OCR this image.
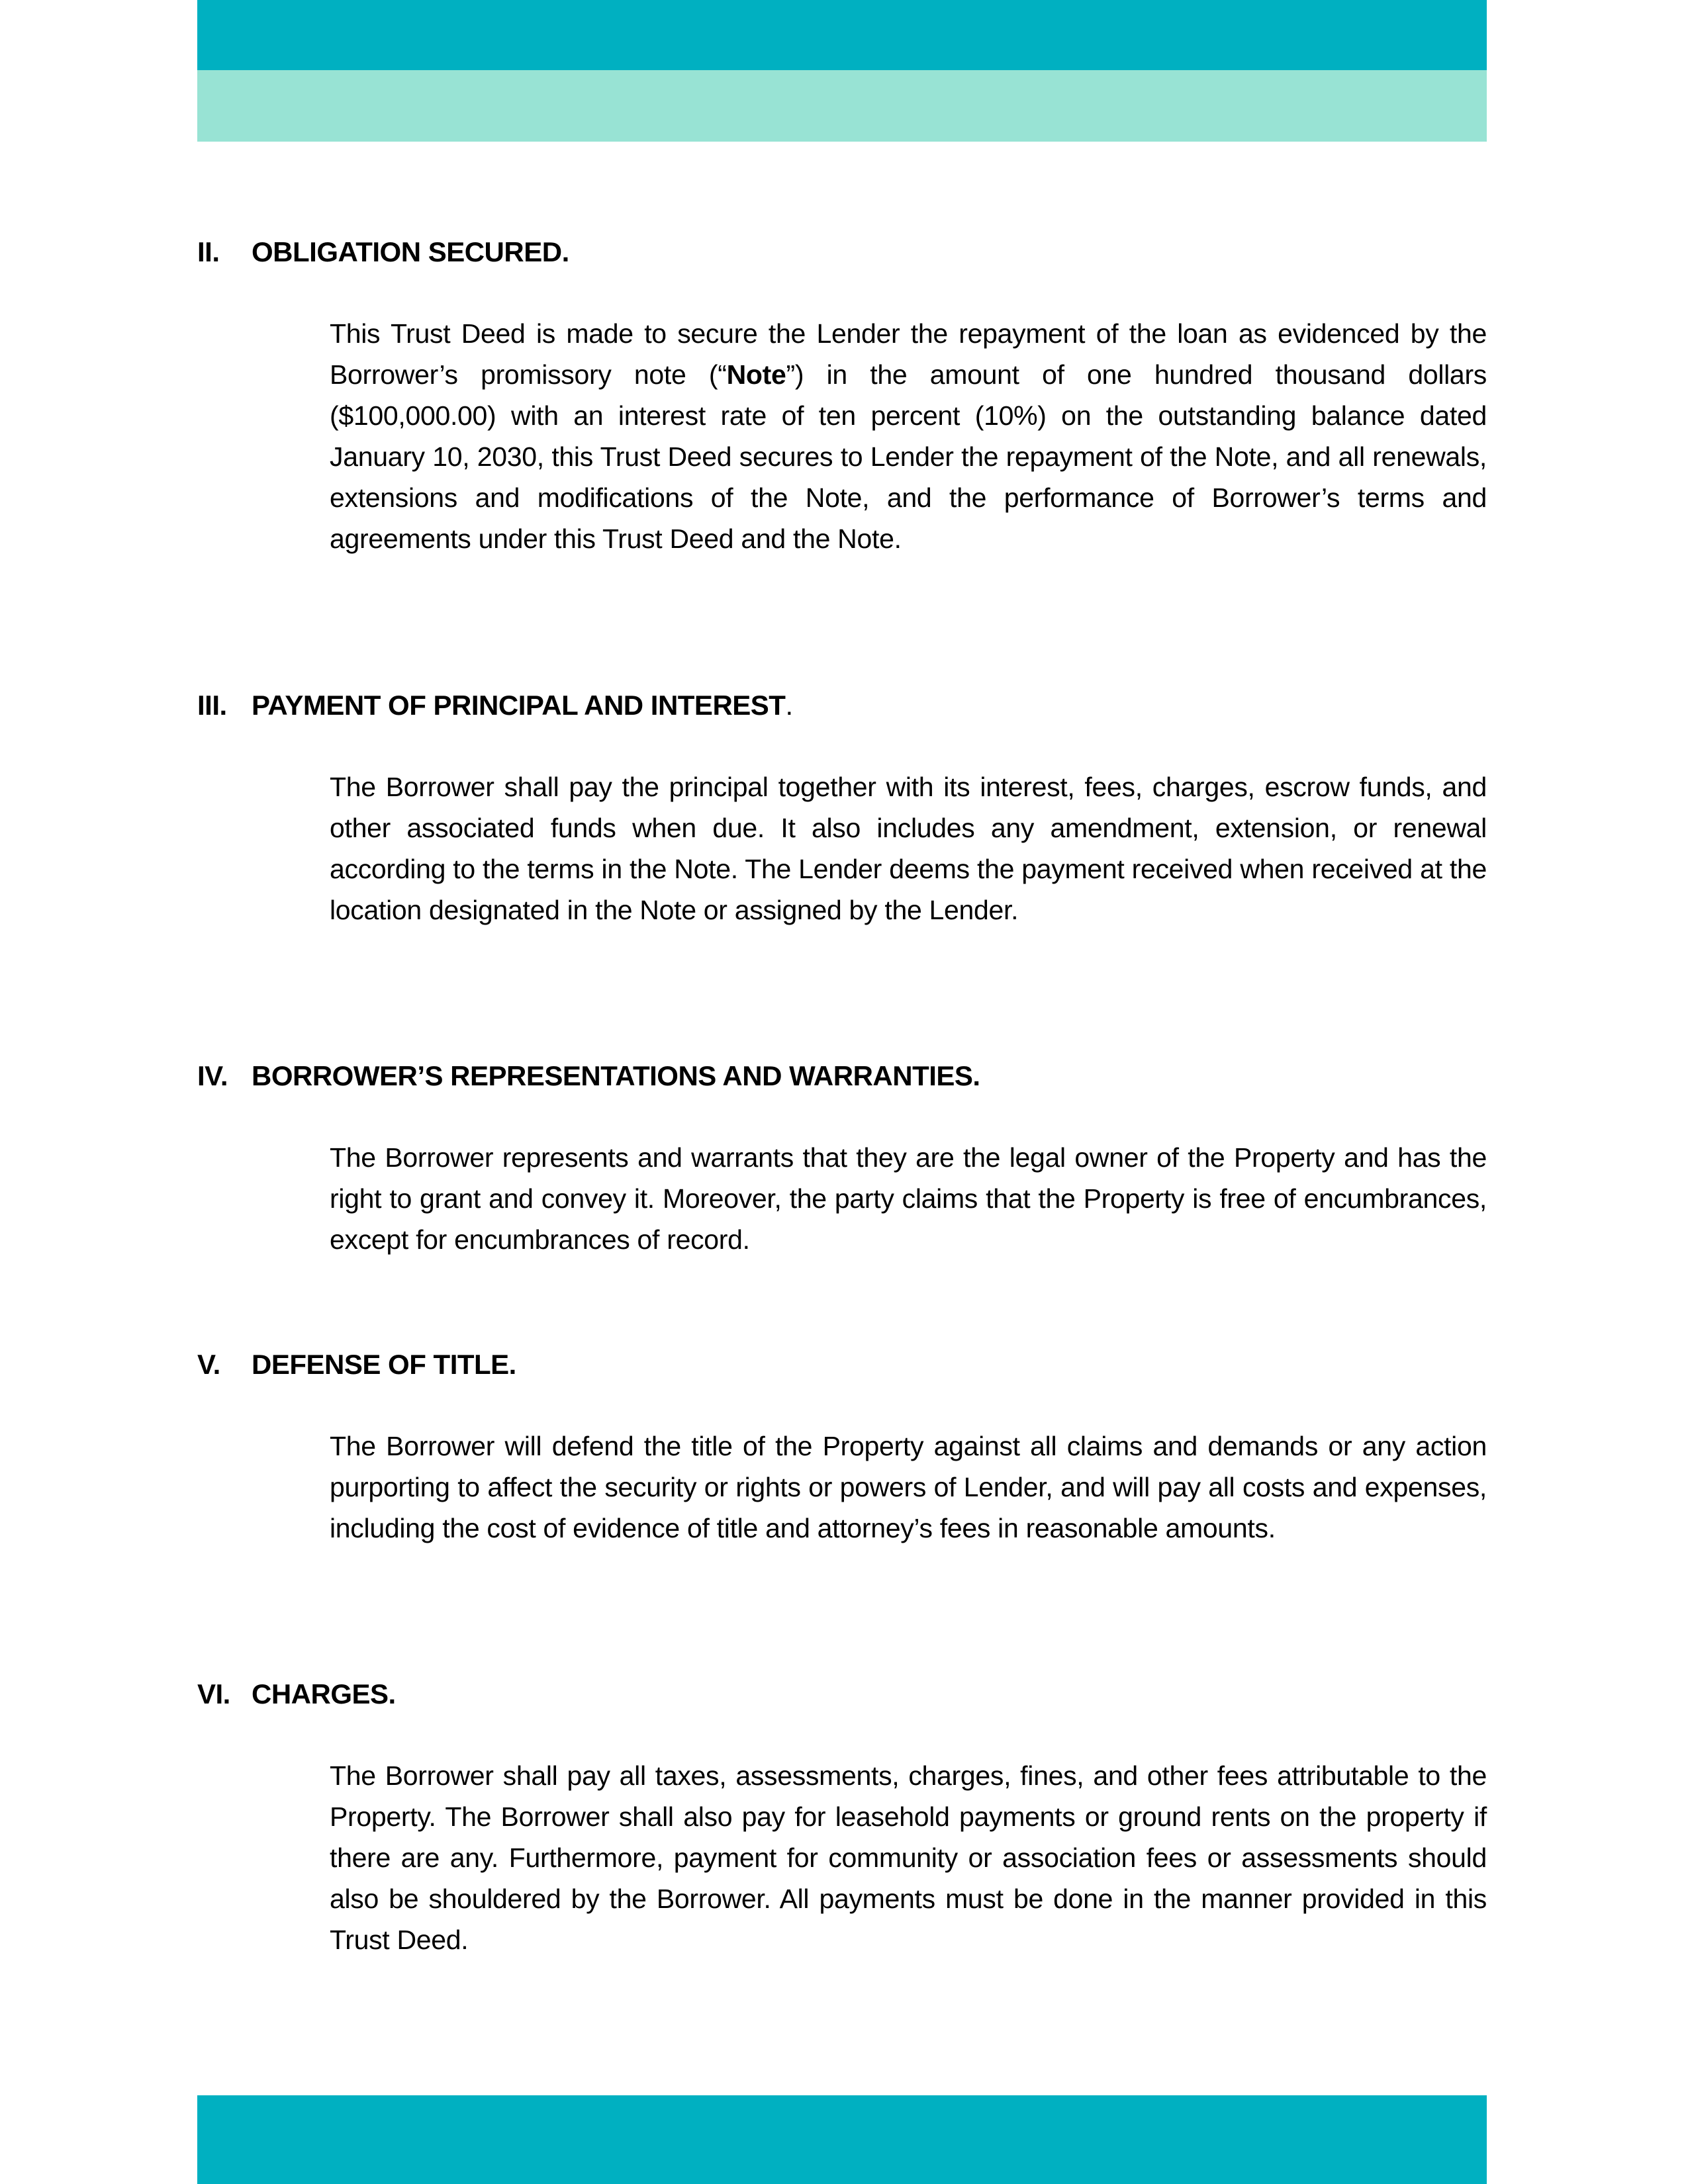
II.	OBLIGATION SECURED.
This Trust Deed is made to secure the Lender the repayment of the loan as evidenced by the Borrower’s promissory note (“Note”) in the amount of one hundred thousand dollars ($100,000.00) with an interest rate of ten percent (10%) on the outstanding balance dated January 10, 2030, this Trust Deed secures to Lender the repayment of the Note, and all renewals, extensions and modifications of the Note, and the performance of Borrower’s terms and agreements under this Trust Deed and the Note.
III. PAYMENT OF PRINCIPAL AND INTEREST .
The Borrower shall pay the principal together with its interest, fees, charges, escrow funds, and other associated funds when due. It also includes any amendment, extension, or renewal according to the terms in the Note. The Lender deems the payment received when received at the location designated in the Note or assigned by the Lender.
IV. BORROWER’S REPRESENTATIONS AND WARRANTIES.
The Borrower represents and warrants that they are the legal owner of the Property and has the right to grant and convey it. Moreover, the party claims that the Property is free of encumbrances, except for encumbrances of record.
V.	DEFENSE OF TITLE.
The Borrower will defend the title of the Property against all claims and demands or any action purporting to affect the security or rights or powers of Lender, and will pay all costs and expenses, including the cost of evidence of title and attorney’s fees in reasonable amounts.
VI. CHARGES.
The Borrower shall pay all taxes, assessments, charges, fines, and other fees attributable to the Property. The Borrower shall also pay for leasehold payments or ground rents on the property if there are any. Furthermore, payment for community or association fees or assessments should also be shouldered by the Borrower. All payments must be done in the manner provided in this Trust Deed.
